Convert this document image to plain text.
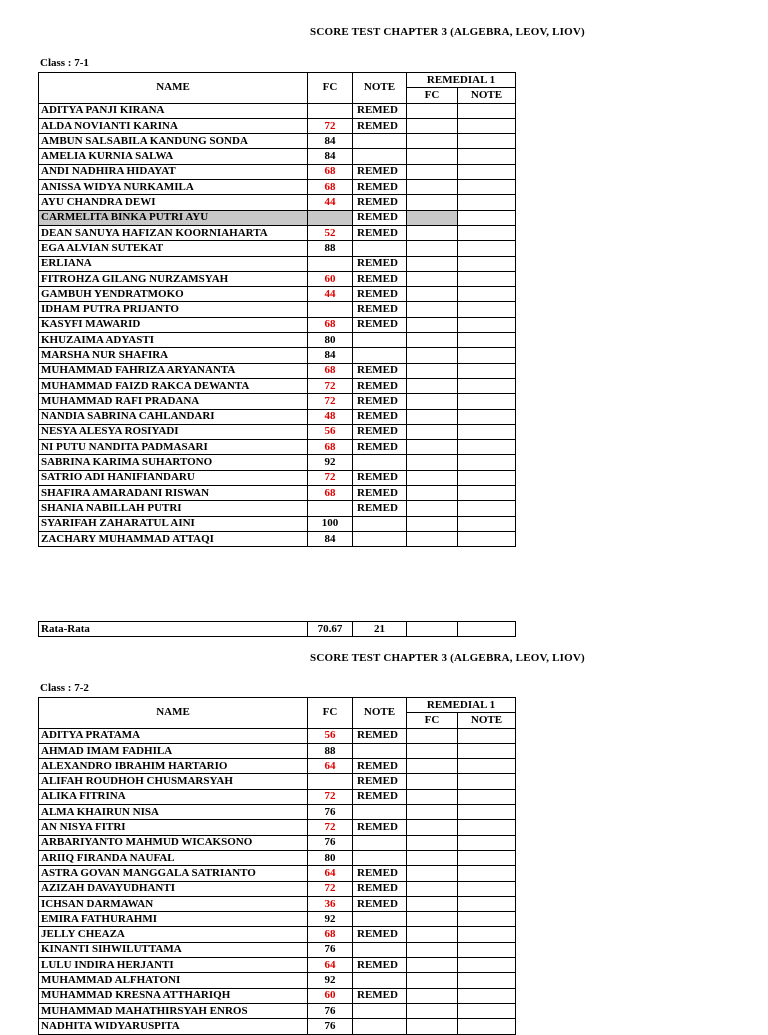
SCORE TEST CHAPTER 3 (ALGEBRA, LEOV, LIOV)
Class : 7-1
NAME	FC	NOTE	REMEDIAL 1	
			FC	NOTE
ADITYA PANJI KIRANA		REMED		
ALDA NOVIANTI KARINA	72	REMED		
AMBUN SALSABILA KANDUNG SONDA	84			
AMELIA KURNIA SALWA	84			
ANDI NADHIRA HIDAYAT	68	REMED		
ANISSA WIDYA NURKAMILA	68	REMED		
AYU CHANDRA DEWI	44	REMED		
CARMELITA BINKA PUTRI AYU		REMED		
DEAN SANUYA HAFIZAN KOORNIAHARTA	52	REMED		
EGA ALVIAN SUTEKAT	88			
ERLIANA		REMED		
FITROHZA GILANG NURZAMSYAH	60	REMED		
GAMBUH YENDRATMOKO	44	REMED		
IDHAM PUTRA PRIJANTO		REMED		
KASYFI MAWARID	68	REMED		
KHUZAIMA ADYASTI	80			
MARSHA NUR SHAFIRA	84			
MUHAMMAD FAHRIZA ARYANANTA	68	REMED		
MUHAMMAD FAIZD RAKCA DEWANTA	72	REMED		
MUHAMMAD RAFI PRADANA	72	REMED		
NANDIA SABRINA CAHLANDARI	48	REMED		
NESYA ALESYA ROSIYADI	56	REMED		
NI PUTU NANDITA PADMASARI	68	REMED		
SABRINA KARIMA SUHARTONO	92			
SATRIO ADI HANIFIANDARU	72	REMED		
SHAFIRA AMARADANI RISWAN	68	REMED		
SHANIA NABILLAH PUTRI		REMED		
SYARIFAH ZAHARATUL AINI	100			
ZACHARY MUHAMMAD ATTAQI	84			
Rata-Rata	70.67	21		
SCORE TEST CHAPTER 3 (ALGEBRA, LEOV, LIOV)
Class : 7-2
NAME	FC	NOTE	REMEDIAL 1	
			FC	NOTE
ADITYA PRATAMA	56	REMED		
AHMAD IMAM FADHILA	88			
ALEXANDRO IBRAHIM HARTARIO	64	REMED		
ALIFAH ROUDHOH CHUSMARSYAH		REMED		
ALIKA FITRINA	72	REMED		
ALMA KHAIRUN NISA	76			
AN NISYA FITRI	72	REMED		
ARBARIYANTO MAHMUD WICAKSONO	76			
ARIIQ FIRANDA NAUFAL	80			
ASTRA GOVAN MANGGALA SATRIANTO	64	REMED		
AZIZAH DAVAYUDHANTI	72	REMED		
ICHSAN DARMAWAN	36	REMED		
EMIRA FATHURAHMI	92			
JELLY CHEAZA	68	REMED		
KINANTI SIHWILUTTAMA	76			
LULU INDIRA HERJANTI	64	REMED		
MUHAMMAD ALFHATONI	92			
MUHAMMAD KRESNA ATTHARIQH	60	REMED		
MUHAMMAD MAHATHIRSYAH ENROS	76			
NADHITA WIDYARUSPITA	76			
